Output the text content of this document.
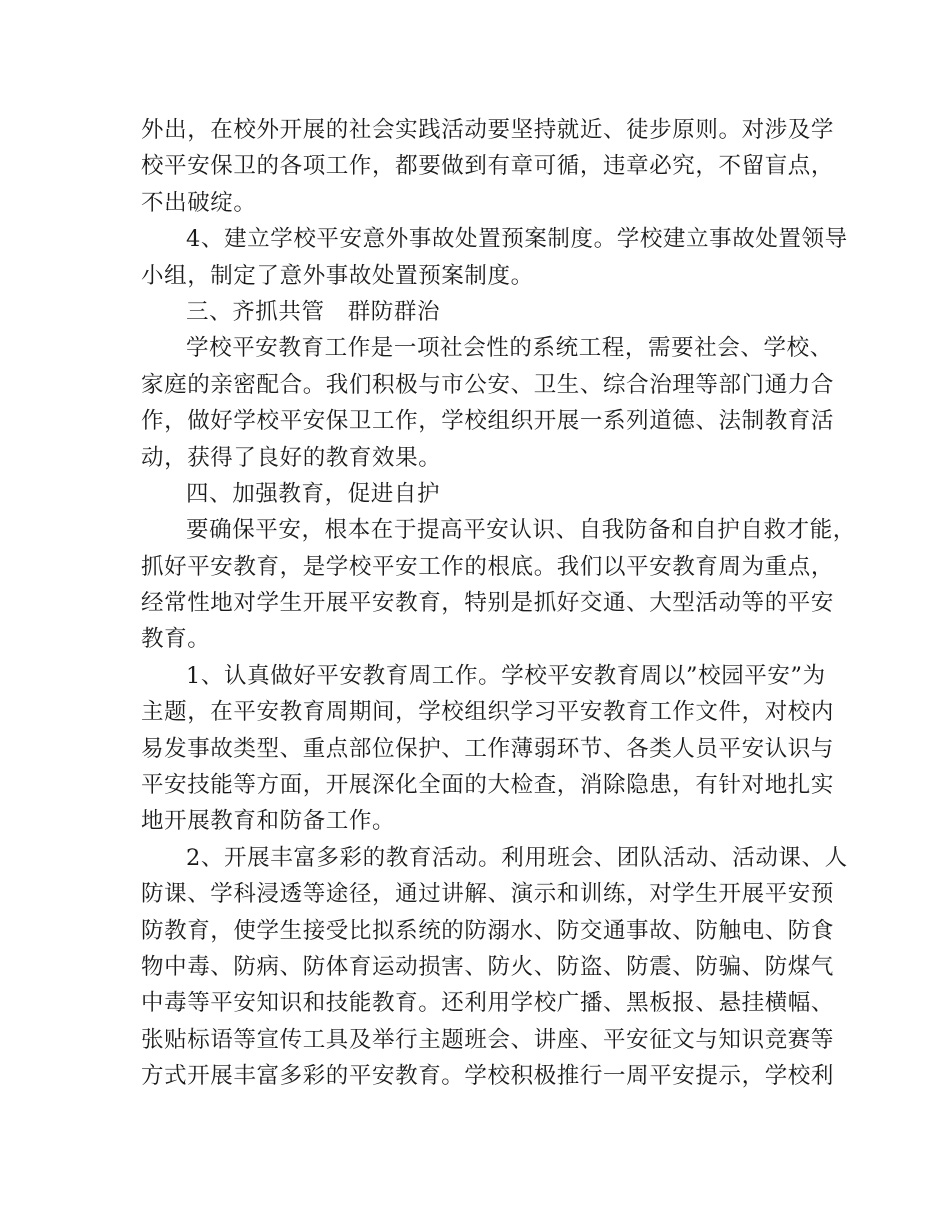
外出，在校外开展的社会实践活动要坚持就近、徒步原则。对涉及学
校平安保卫的各项工作，都要做到有章可循，违章必究，不留盲点，
不出破绽。
4、建立学校平安意外事故处置预案制度。学校建立事故处置领导
小组，制定了意外事故处置预案制度。
三、齐抓共管　群防群治
学校平安教育工作是一项社会性的系统工程，需要社会、学校、
家庭的亲密配合。我们积极与市公安、卫生、综合治理等部门通力合
作，做好学校平安保卫工作，学校组织开展一系列道德、法制教育活
动，获得了良好的教育效果。
四、加强教育，促进自护
要确保平安，根本在于提高平安认识、自我防备和自护自救才能，
抓好平安教育，是学校平安工作的根底。我们以平安教育周为重点，
经常性地对学生开展平安教育，特别是抓好交通、大型活动等的平安
教育。
1、认真做好平安教育周工作。学校平安教育周以”校园平安”为
主题，在平安教育周期间，学校组织学习平安教育工作文件，对校内
易发事故类型、重点部位保护、工作薄弱环节、各类人员平安认识与
平安技能等方面，开展深化全面的大检查，消除隐患，有针对地扎实
地开展教育和防备工作。
2、开展丰富多彩的教育活动。利用班会、团队活动、活动课、人
防课、学科浸透等途径，通过讲解、演示和训练，对学生开展平安预
防教育，使学生接受比拟系统的防溺水、防交通事故、防触电、防食
物中毒、防病、防体育运动损害、防火、防盗、防震、防骗、防煤气
中毒等平安知识和技能教育。还利用学校广播、黑板报、悬挂横幅、
张贴标语等宣传工具及举行主题班会、讲座、平安征文与知识竞赛等
方式开展丰富多彩的平安教育。学校积极推行一周平安提示，学校利
